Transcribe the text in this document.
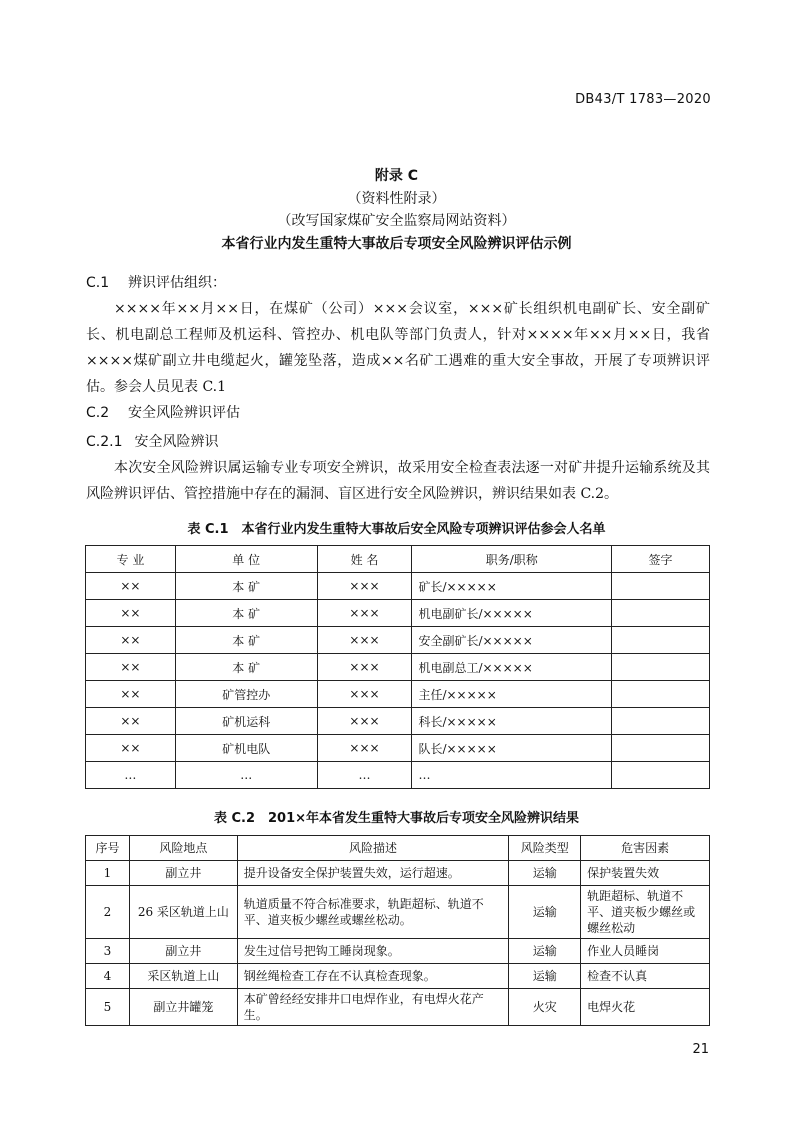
DB43/T 1783—2020
附录 C
（资料性附录）
（改写国家煤矿安全监察局网站资料）
本省行业内发生重特大事故后专项安全风险辨识评估示例
C.1 辨识评估组织：
××××年××月××日，在煤矿（公司）×××会议室，×××矿长组织机电副矿长、安全副矿长、机电副总工程师及机运科、管控办、机电队等部门负责人，针对××××年××月××日，我省××××煤矿副立井电缆起火，罐笼坠落，造成××名矿工遇难的重大安全事故，开展了专项辨识评估。参会人员见表 C.1
C.2 安全风险辨识评估
C.2.1 安全风险辨识
本次安全风险辨识属运输专业专项安全辨识，故采用安全检查表法逐一对矿井提升运输系统及其风险辨识评估、管控措施中存在的漏洞、盲区进行安全风险辨识，辨识结果如表 C.2。
表 C.1　本省行业内发生重特大事故后安全风险专项辨识评估参会人名单
专 业	单 位	姓 名	职务/职称	签字
××	本 矿	×××	矿长/×××××	
××	本 矿	×××	机电副矿长/×××××	
××	本 矿	×××	安全副矿长/×××××	
××	本 矿	×××	机电副总工/×××××	
××	矿管控办	×××	主任/×××××	
××	矿机运科	×××	科长/×××××	
××	矿机电队	×××	队长/×××××	
…	…	…	…	
表 C.2　201×年本省发生重特大事故后专项安全风险辨识结果
序号	风险地点	风险描述	风险类型	危害因素
1	副立井	提升设备安全保护装置失效，运行超速。	运输	保护装置失效
2	26 采区轨道上山	轨道质量不符合标准要求，轨距超标、轨道不平、道夹板少螺丝或螺丝松动。	运输	轨距超标、轨道不平、道夹板少螺丝或螺丝松动
3	副立井	发生过信号把钩工睡岗现象。	运输	作业人员睡岗
4	采区轨道上山	钢丝绳检查工存在不认真检查现象。	运输	检查不认真
5	副立井罐笼	本矿曾经经安排井口电焊作业，有电焊火花产生。	火灾	电焊火花
21
